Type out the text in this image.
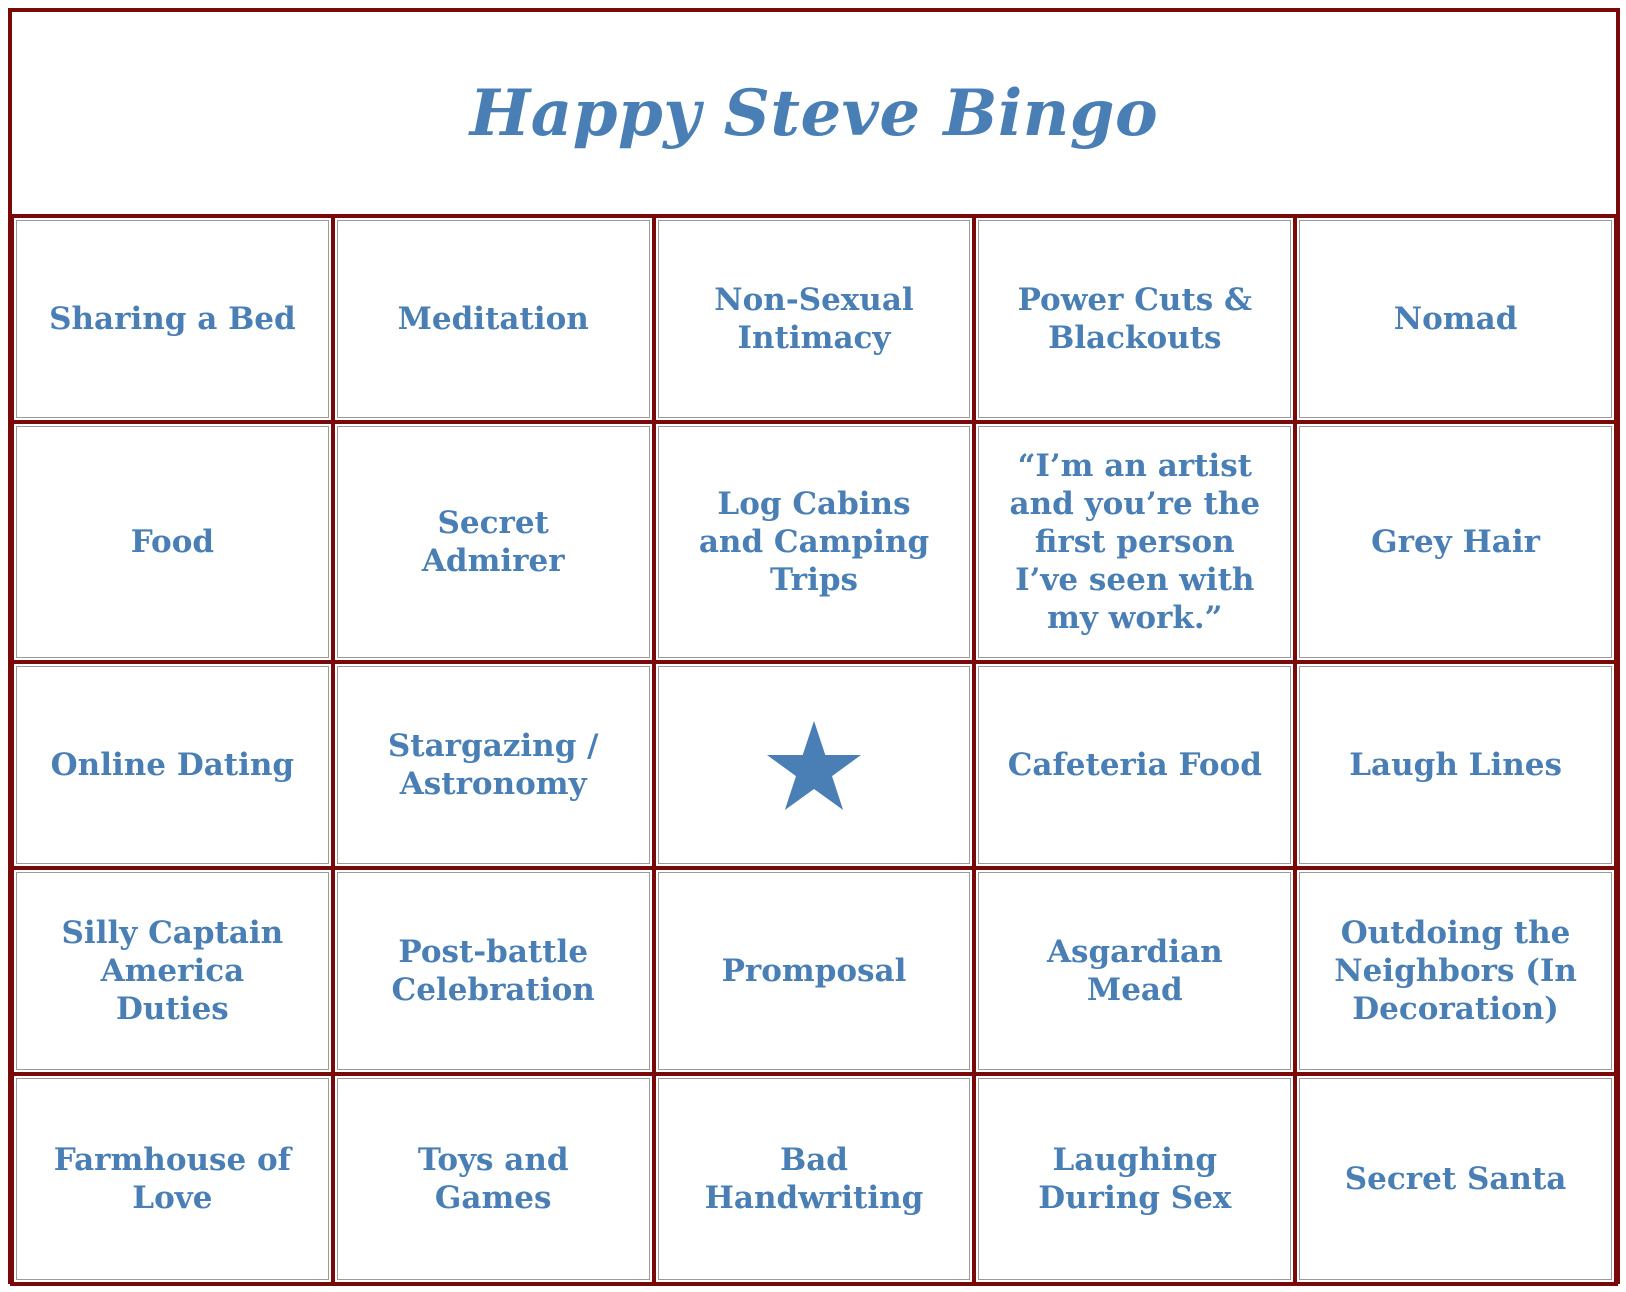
Happy Steve Bingo
Sharing a Bed	Meditation
Non-Sexual Intimacy
Power Cuts & Blackouts
Nomad
Food
Secret Admirer
Log Cabins and Camping Trips
“I’m an artist and you’re the first person I’ve seen with my work.”
Grey Hair
Online Dating
Stargazing / Astronomy
Cafeteria Food	Laugh Lines
Silly Captain America Duties
Post-battle Celebration
Promposal
Asgardian Mead
Outdoing the Neighbors (In Decoration)
Farmhouse of Love
Toys and Games
Bad Handwriting
Laughing During Sex
Secret Santa
